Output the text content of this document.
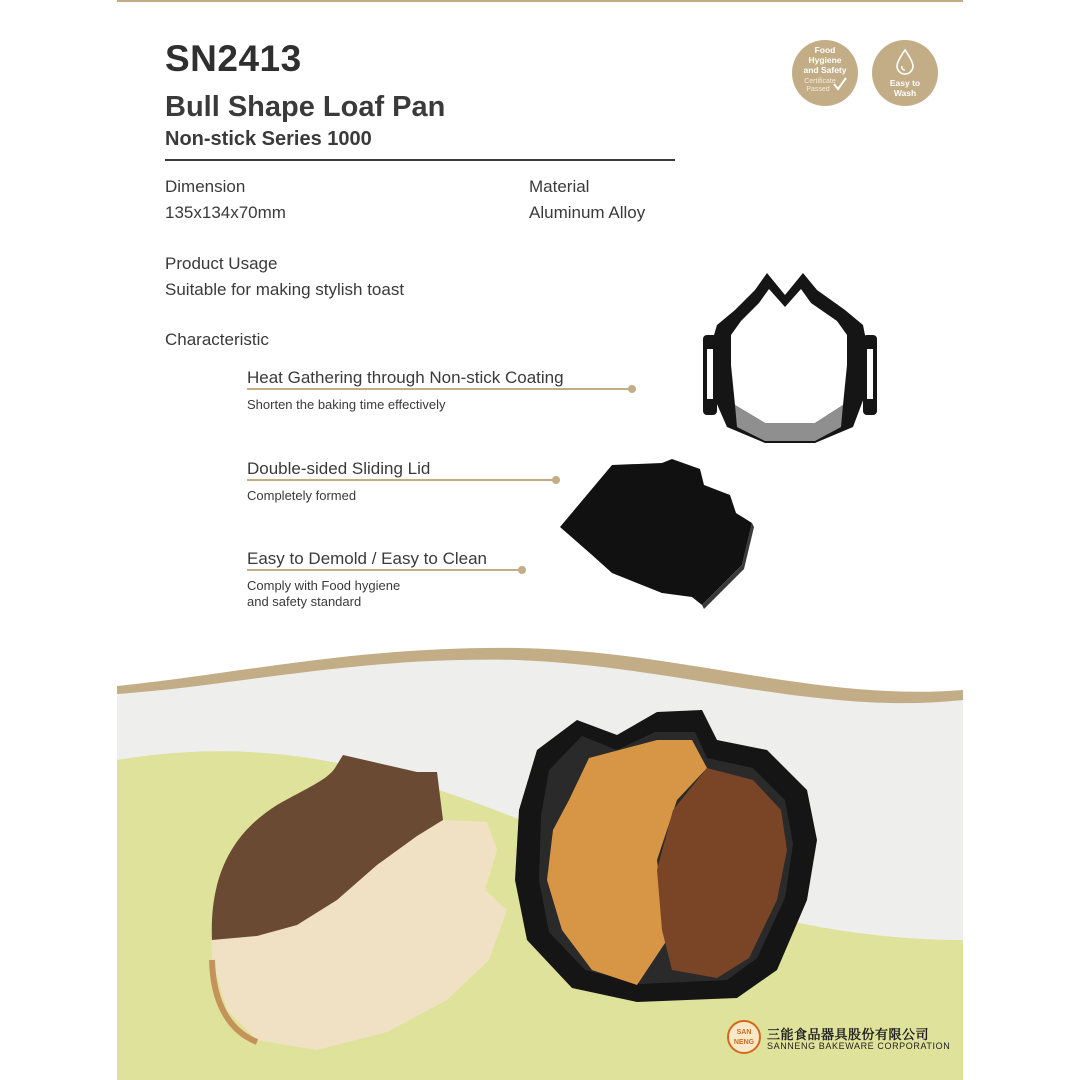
SN2413
Bull Shape Loaf Pan
Non-stick Series 1000
Food
Hygiene
and Safety
Certificate
Passed
Easy to
Wash
Dimension
135x134x70mm
Material
Aluminum Alloy
Product Usage
Suitable for making stylish toast
Characteristic
Heat Gathering through Non-stick Coating
Shorten the baking time effectively
Double-sided Sliding Lid
Completely formed
Easy to Demold / Easy to Clean
Comply with Food hygiene
and safety standard
SAN
NENG
三能食品器具股份有限公司
SANNENG BAKEWARE CORPORATION
